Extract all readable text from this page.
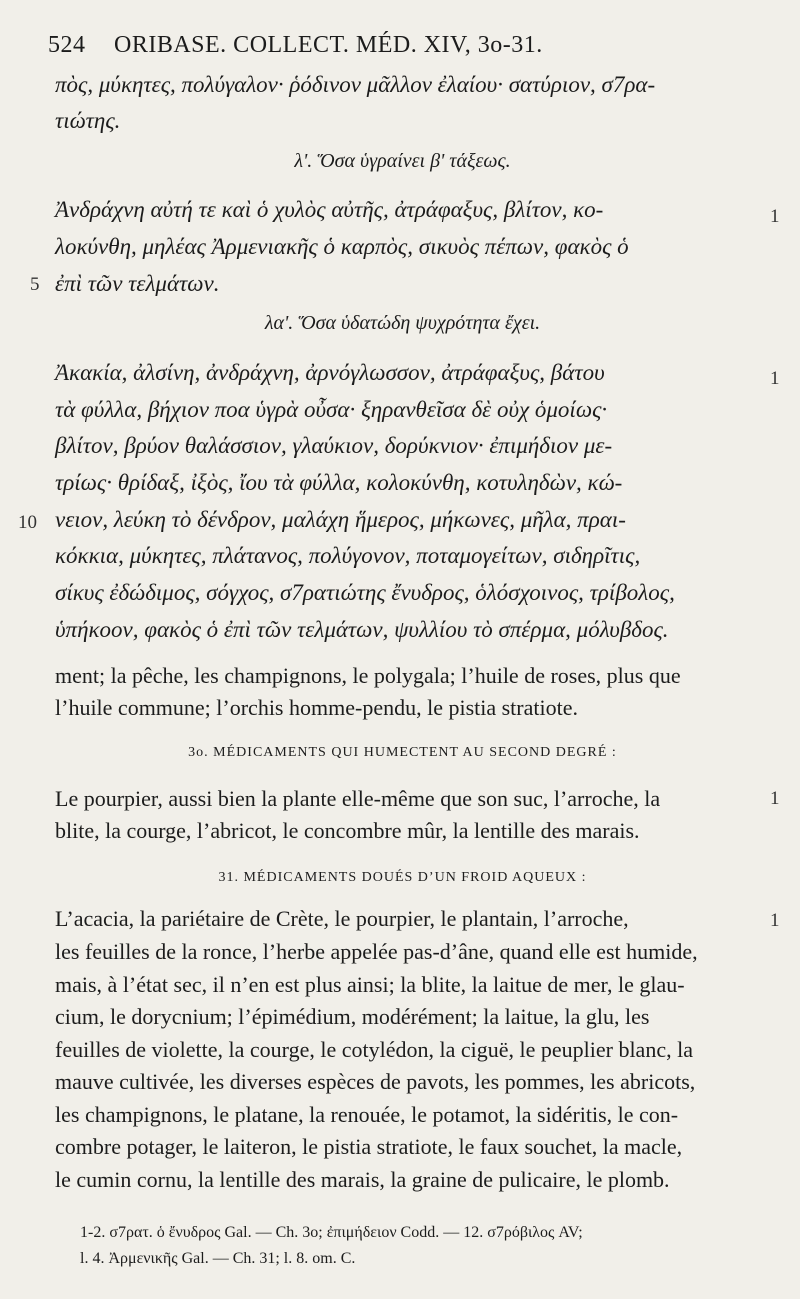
524 ORIBASE. COLLECT. MÉD. XIV, 3o-31.
πὸς, μύκητες, πολύγαλον· ῥόδινον μᾶλλον ἐλαίου· σατύριον, σ7ρα-
τιώτης.
λ'. Ὅσα ὑγραίνει β' τάξεως.
Ἀνδράχνη αὐτή τε καὶ ὁ χυλὸς αὐτῆς, ἀτράφαξυς, βλίτον, κο-
λοκύνθη, μηλέας Ἀρμενιακῆς ὁ καρπὸς, σικυὸς πέπων, φακὸς ὁ
ἐπὶ τῶν τελμάτων.
λα'. Ὅσα ὑδατώδη ψυχρότητα ἔχει.
Ἀκακία, ἀλσίνη, ἀνδράχνη, ἀρνόγλωσσον, ἀτράφαξυς, βάτου
τὰ φύλλα, βήχιον ποα ὑγρὰ οὖσα· ξηρανθεῖσα δὲ οὐχ ὁμοίως·
βλίτον, βρύον θαλάσσιον, γλαύκιον, δορύκνιον· ἐπιμήδιον με-
τρίως· θρίδαξ, ἰξὸς, ἴου τὰ φύλλα, κολοκύνθη, κοτυληδὼν, κώ-
νειον, λεύκη τὸ δένδρον, μαλάχη ἥμερος, μήκωνες, μῆλα, πραι-
κόκκια, μύκητες, πλάτανος, πολύγονον, ποταμογείτων, σιδηρῖτις,
σίκυς ἐδώδιμος, σόγχος, σ7ρατιώτης ἔνυδρος, ὁλόσχοινος, τρίβολος,
ὑπήκοον, φακὸς ὁ ἐπὶ τῶν τελμάτων, ψυλλίου τὸ σπέρμα, μόλυβδος.
ment; la pêche, les champignons, le polygala; l’huile de roses, plus que
l’huile commune; l’orchis homme-pendu, le pistia stratiote.
3o. MÉDICAMENTS QUI HUMECTENT AU SECOND DEGRÉ :
Le pourpier, aussi bien la plante elle-même que son suc, l’arroche, la
blite, la courge, l’abricot, le concombre mûr, la lentille des marais.
31. MÉDICAMENTS DOUÉS D’UN FROID AQUEUX :
L’acacia, la pariétaire de Crète, le pourpier, le plantain, l’arroche,
les feuilles de la ronce, l’herbe appelée pas-d’âne, quand elle est humide,
mais, à l’état sec, il n’en est plus ainsi; la blite, la laitue de mer, le glau-
cium, le dorycnium; l’épimédium, modérément; la laitue, la glu, les
feuilles de violette, la courge, le cotylédon, la ciguë, le peuplier blanc, la
mauve cultivée, les diverses espèces de pavots, les pommes, les abricots,
les champignons, le platane, la renouée, le potamot, la sidéritis, le con-
combre potager, le laiteron, le pistia stratiote, le faux souchet, la macle,
le cumin cornu, la lentille des marais, la graine de pulicaire, le plomb.
1
5
1
10
1
1
1-2. σ7ρατ. ὁ ἔνυδρος Gal. — Ch. 3o; ἐπιμήδειον Codd. — 12. σ7ρόβιλος AV;
l. 4. Ἀρμενικῆς Gal. — Ch. 31; l. 8. om. C.
